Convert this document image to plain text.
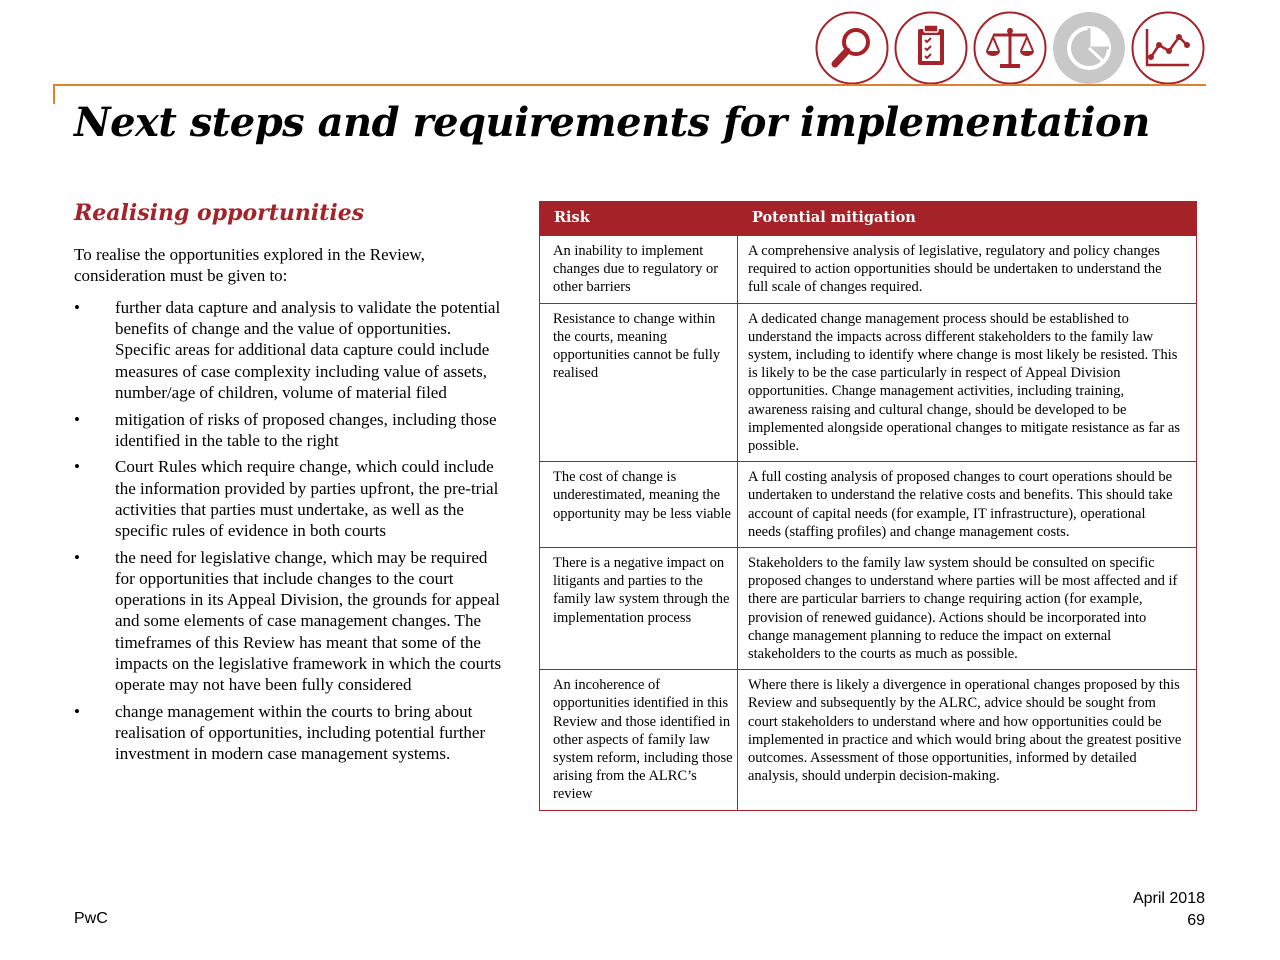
Next steps and requirements for implementation
Realising opportunities

To realise the opportunities explored in the Review, consideration must be given to:

•	further data capture and analysis to validate the potential benefits of change and the value of opportunities. Specific areas for additional data capture could include measures of case complexity including value of assets, number/age of children, volume of material filed
•	mitigation of risks of proposed changes, including those identified in the table to the right
•	Court Rules which require change, which could include the information provided by parties upfront, the pre-trial activities that parties must undertake, as well as the specific rules of evidence in both courts
•	the need for legislative change, which may be required for opportunities that include changes to the court operations in its Appeal Division, the grounds for appeal and some elements of case management changes. The timeframes of this Review has meant that some of the impacts on the legislative framework in which the courts operate may not have been fully considered
•	change management within the courts to bring about realisation of opportunities, including potential further investment in modern case management systems.
Risk	Potential mitigation
An inability to implement changes due to regulatory or other barriers	A comprehensive analysis of legislative, regulatory and policy changes required to action opportunities should be undertaken to understand the full scale of changes required.
Resistance to change within the courts, meaning opportunities cannot be fully realised	A dedicated change management process should be established to understand the impacts across different stakeholders to the family law system, including to identify where change is most likely be resisted. This is likely to be the case particularly in respect of Appeal Division opportunities. Change management activities, including training, awareness raising and cultural change, should be developed to be implemented alongside operational changes to mitigate resistance as far as possible.
The cost of change is underestimated, meaning the opportunity may be less viable	A full costing analysis of proposed changes to court operations should be undertaken to understand the relative costs and benefits. This should take account of capital needs (for example, IT infrastructure), operational needs (staffing profiles) and change management costs.
There is a negative impact on litigants and parties to the family law system through the implementation process	Stakeholders to the family law system should be consulted on specific proposed changes to understand where parties will be most affected and if there are particular barriers to change requiring action (for example, provision of renewed guidance). Actions should be incorporated into change management planning to reduce the impact on external stakeholders to the courts as much as possible.
An incoherence of opportunities identified in this Review and those identified in other aspects of family law system reform, including those arising from the ALRC’s review	Where there is likely a divergence in operational changes proposed by this Review and subsequently by the ALRC, advice should be sought from court stakeholders to understand where and how opportunities could be implemented in practice and which would bring about the greatest positive outcomes. Assessment of those opportunities, informed by detailed analysis, should underpin decision-making.
PwC
April 2018
69
